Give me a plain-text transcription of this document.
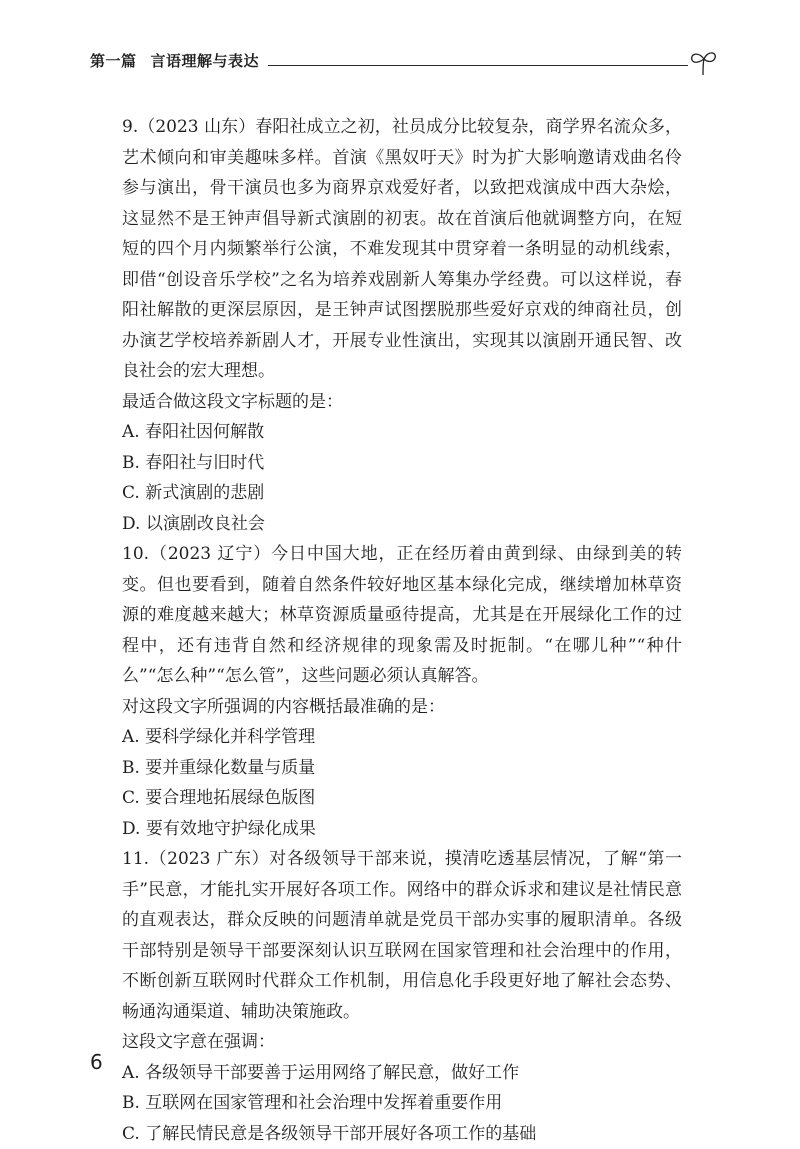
第一篇 言语理解与表达

9.（2023 山东）春阳社成立之初，社员成分比较复杂，商学界名流众多，艺术倾向和审美趣味多样。首演《黑奴吁天》时为扩大影响邀请戏曲名伶参与演出，骨干演员也多为商界京戏爱好者，以致把戏演成中西大杂烩，这显然不是王钟声倡导新式演剧的初衷。故在首演后他就调整方向，在短短的四个月内频繁举行公演，不难发现其中贯穿着一条明显的动机线索，即借“创设音乐学校”之名为培养戏剧新人筹集办学经费。可以这样说，春阳社解散的更深层原因，是王钟声试图摆脱那些爱好京戏的绅商社员，创办演艺学校培养新剧人才，开展专业性演出，实现其以演剧开通民智、改良社会的宏大理想。

最适合做这段文字标题的是：

A. 春阳社因何解散

B. 春阳社与旧时代

C. 新式演剧的悲剧

D. 以演剧改良社会

10.（2023 辽宁）今日中国大地，正在经历着由黄到绿、由绿到美的转变。但也要看到，随着自然条件较好地区基本绿化完成，继续增加林草资源的难度越来越大；林草资源质量亟待提高，尤其是在开展绿化工作的过程中，还有违背自然和经济规律的现象需及时扼制。“在哪儿种”“种什么”“怎么种”“怎么管”，这些问题必须认真解答。

对这段文字所强调的内容概括最准确的是：

A. 要科学绿化并科学管理

B. 要并重绿化数量与质量

C. 要合理地拓展绿色版图

D. 要有效地守护绿化成果

11.（2023 广东）对各级领导干部来说，摸清吃透基层情况，了解“第一手”民意，才能扎实开展好各项工作。网络中的群众诉求和建议是社情民意的直观表达，群众反映的问题清单就是党员干部办实事的履职清单。各级干部特别是领导干部要深刻认识互联网在国家管理和社会治理中的作用，不断创新互联网时代群众工作机制，用信息化手段更好地了解社会态势、畅通沟通渠道、辅助决策施政。

这段文字意在强调：

A. 各级领导干部要善于运用网络了解民意，做好工作

B. 互联网在国家管理和社会治理中发挥着重要作用

C. 了解民情民意是各级领导干部开展好各项工作的基础

6
